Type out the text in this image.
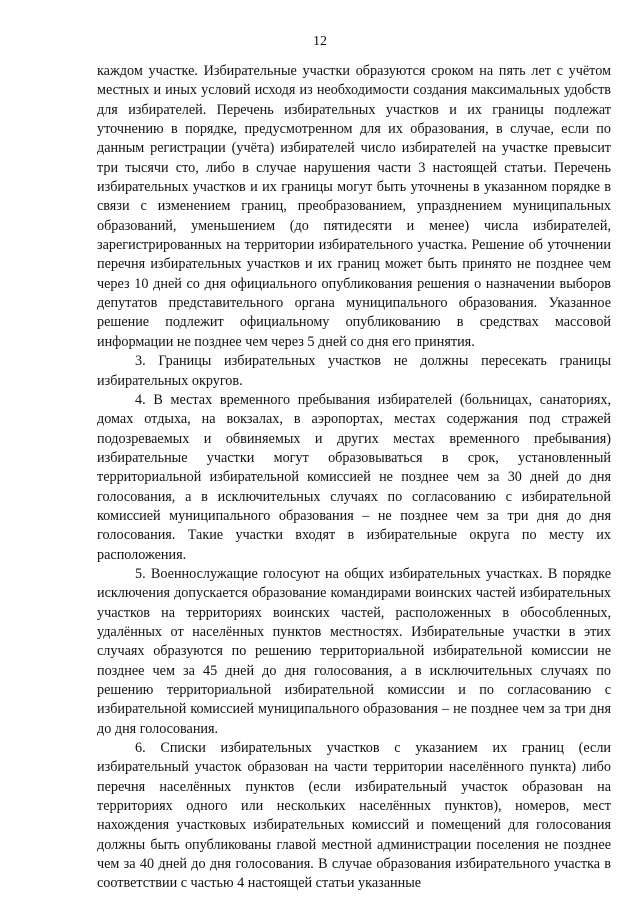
12

каждом участке. Избирательные участки образуются сроком на пять лет с учётом местных и иных условий исходя из необходимости создания максимальных удобств для избирателей. Перечень избирательных участков и их границы подлежат уточнению в порядке, предусмотренном для их образования, в случае, если по данным регистрации (учёта) избирателей число избирателей на участке превысит три тысячи сто, либо в случае нарушения части 3 настоящей статьи. Перечень избирательных участков и их границы могут быть уточнены в указанном порядке в связи с изменением границ, преобразованием, упразднением муниципальных образований, уменьшением (до пятидесяти и менее) числа избирателей, зарегистрированных на территории избирательного участка. Решение об уточнении перечня избирательных участков и их границ может быть принято не позднее чем через 10 дней со дня официального опубликования решения о назначении выборов депутатов представительного органа муниципального образования. Указанное решение подлежит официальному опубликованию в средствах массовой информации не позднее чем через 5 дней со дня его принятия.

3. Границы избирательных участков не должны пересекать границы избирательных округов.

4. В местах временного пребывания избирателей (больницах, санаториях, домах отдыха, на вокзалах, в аэропортах, местах содержания под стражей подозреваемых и обвиняемых и других местах временного пребывания) избирательные участки могут образовываться в срок, установленный территориальной избирательной комиссией не позднее чем за 30 дней до дня голосования, а в исключительных случаях по согласованию с избирательной комиссией муниципального образования – не позднее чем за три дня до дня голосования. Такие участки входят в избирательные округа по месту их расположения.

5. Военнослужащие голосуют на общих избирательных участках. В порядке исключения допускается образование командирами воинских частей избирательных участков на территориях воинских частей, расположенных в обособленных, удалённых от населённых пунктов местностях. Избирательные участки в этих случаях образуются по решению территориальной избирательной комиссии не позднее чем за 45 дней до дня голосования, а в исключительных случаях по решению территориальной избирательной комиссии и по согласованию с избирательной комиссией муниципального образования – не позднее чем за три дня до дня голосования.

6. Списки избирательных участков с указанием их границ (если избирательный участок образован на части территории населённого пункта) либо перечня населённых пунктов (если избирательный участок образован на территориях одного или нескольких населённых пунктов), номеров, мест нахождения участковых избирательных комиссий и помещений для голосования должны быть опубликованы главой местной администрации поселения не позднее чем за 40 дней до дня голосования. В случае образования избирательного участка в соответствии с частью 4 настоящей статьи указанные
